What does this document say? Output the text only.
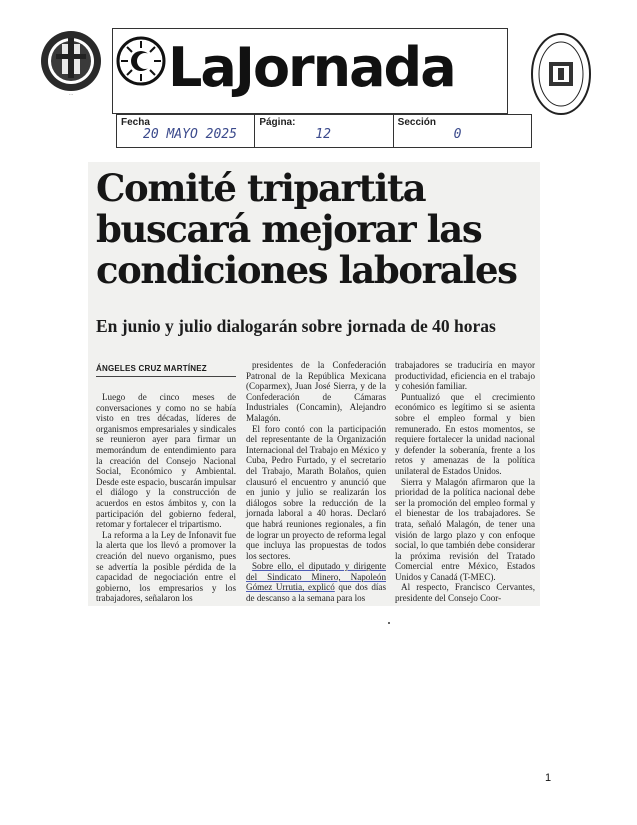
··· LaJornada
Fecha
20 MAYO 2025
Página:
12
Sección
0
Comité tripartita buscará mejorar las condiciones laborales
En junio y julio dialogarán sobre jornada de 40 horas
ÁNGELES CRUZ MARTÍNEZ

Luego de cinco meses de conversaciones y como no se había visto en tres décadas, líderes de organismos empresariales y sindicales se reunieron ayer para firmar un memorándum de entendimiento para la creación del Consejo Nacional Social, Económico y Ambiental. Desde este espacio, buscarán impulsar el diálogo y la construcción de acuerdos en estos ámbitos y, con la participación del gobierno federal, retomar y fortalecer el tripartismo.

La reforma a la Ley de Infonavit fue la alerta que los llevó a promover la creación del nuevo organismo, pues se advertía la posible pérdida de la capacidad de negociación entre el gobierno, los empresarios y los trabajadores, señalaron los

presidentes de la Confederación Patronal de la República Mexicana (Coparmex), Juan José Sierra, y de la Confederación de Cámaras Industriales (Concamin), Alejandro Malagón.

El foro contó con la participación del representante de la Organización Internacional del Trabajo en México y Cuba, Pedro Furtado, y el secretario del Trabajo, Marath Bolaños, quien clausuró el encuentro y anunció que en junio y julio se realizarán los diálogos sobre la reducción de la jornada laboral a 40 horas. Declaró que habrá reuniones regionales, a fin de lograr un proyecto de reforma legal que incluya las propuestas de todos los sectores.

Sobre ello, el diputado y dirigente del Sindicato Minero, Napoleón Gómez Urrutia, explicó que dos días de descanso a la semana para los

trabajadores se traduciría en mayor productividad, eficiencia en el trabajo y cohesión familiar.

Puntualizó que el crecimiento económico es legítimo si se asienta sobre el empleo formal y bien remunerado. En estos momentos, se requiere fortalecer la unidad nacional y defender la soberanía, frente a los retos y amenazas de la política unilateral de Estados Unidos.

Sierra y Malagón afirmaron que la prioridad de la política nacional debe ser la promoción del empleo formal y el bienestar de los trabajadores. Se trata, señaló Malagón, de tener una visión de largo plazo y con enfoque social, lo que también debe considerar la próxima revisión del Tratado Comercial entre México, Estados Unidos y Canadá (T-MEC).

Al respecto, Francisco Cervantes, presidente del Consejo Coor-

1
